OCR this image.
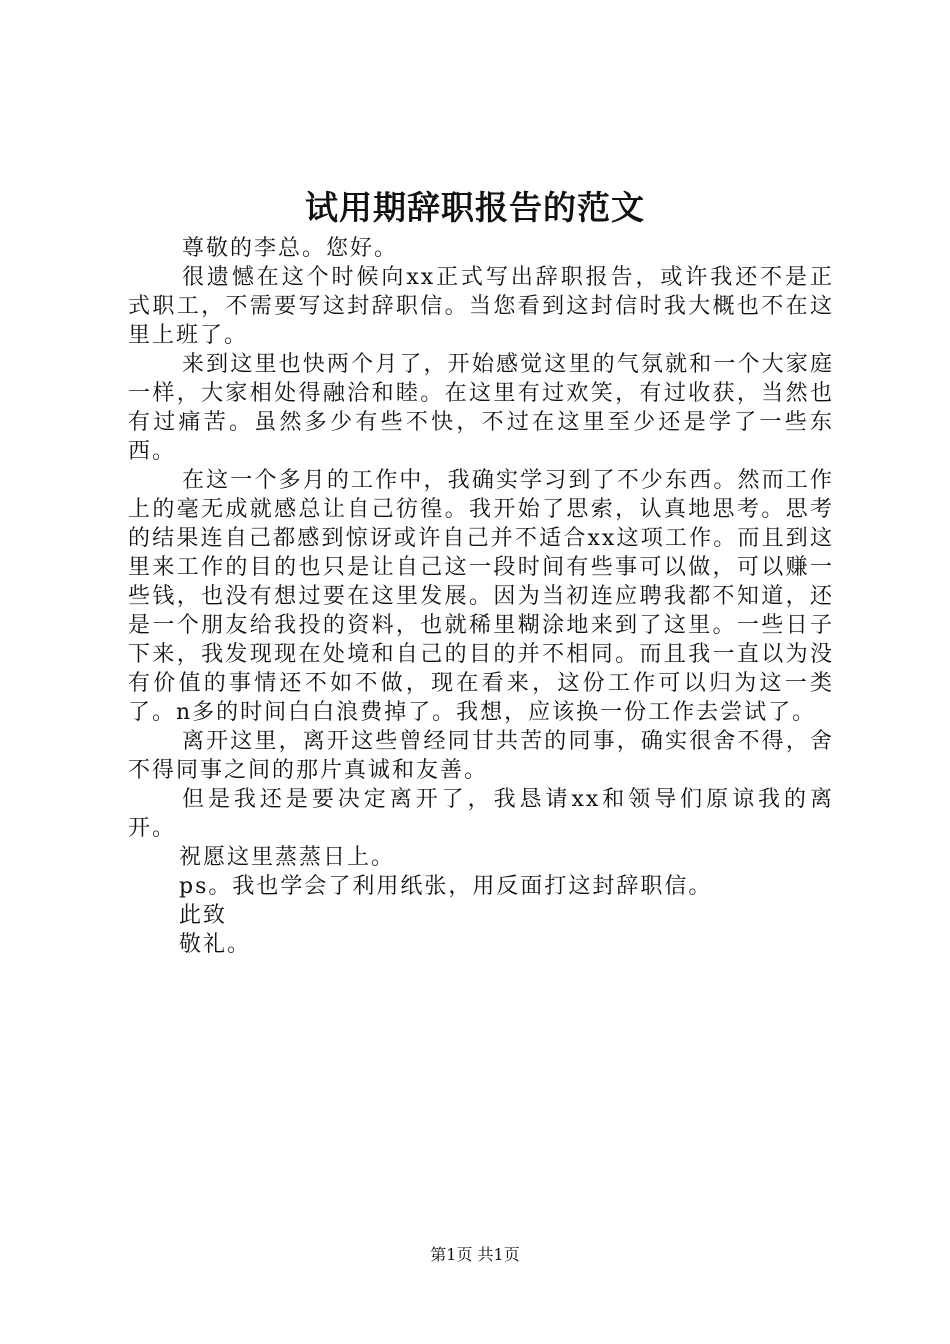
试用期辞职报告的范文

尊敬的李总。您好。

很遗憾在这个时候向xx正式写出辞职报告，或许我还不是正式职工，不需要写这封辞职信。当您看到这封信时我大概也不在这里上班了。

来到这里也快两个月了，开始感觉这里的气氛就和一个大家庭一样，大家相处得融洽和睦。在这里有过欢笑，有过收获，当然也有过痛苦。虽然多少有些不快，不过在这里至少还是学了一些东西。

在这一个多月的工作中，我确实学习到了不少东西。然而工作上的毫无成就感总让自己彷徨。我开始了思索，认真地思考。思考的结果连自己都感到惊讶或许自己并不适合xx这项工作。而且到这里来工作的目的也只是让自己这一段时间有些事可以做，可以赚一些钱，也没有想过要在这里发展。因为当初连应聘我都不知道，还是一个朋友给我投的资料，也就稀里糊涂地来到了这里。一些日子下来，我发现现在处境和自己的目的并不相同。而且我一直以为没有价值的事情还不如不做，现在看来，这份工作可以归为这一类了。n多的时间白白浪费掉了。我想，应该换一份工作去尝试了。

离开这里，离开这些曾经同甘共苦的同事，确实很舍不得，舍不得同事之间的那片真诚和友善。

但是我还是要决定离开了，我恳请xx和领导们原谅我的离开。

祝愿这里蒸蒸日上。

ps。我也学会了利用纸张，用反面打这封辞职信。

此致

敬礼。

第1页 共1页
